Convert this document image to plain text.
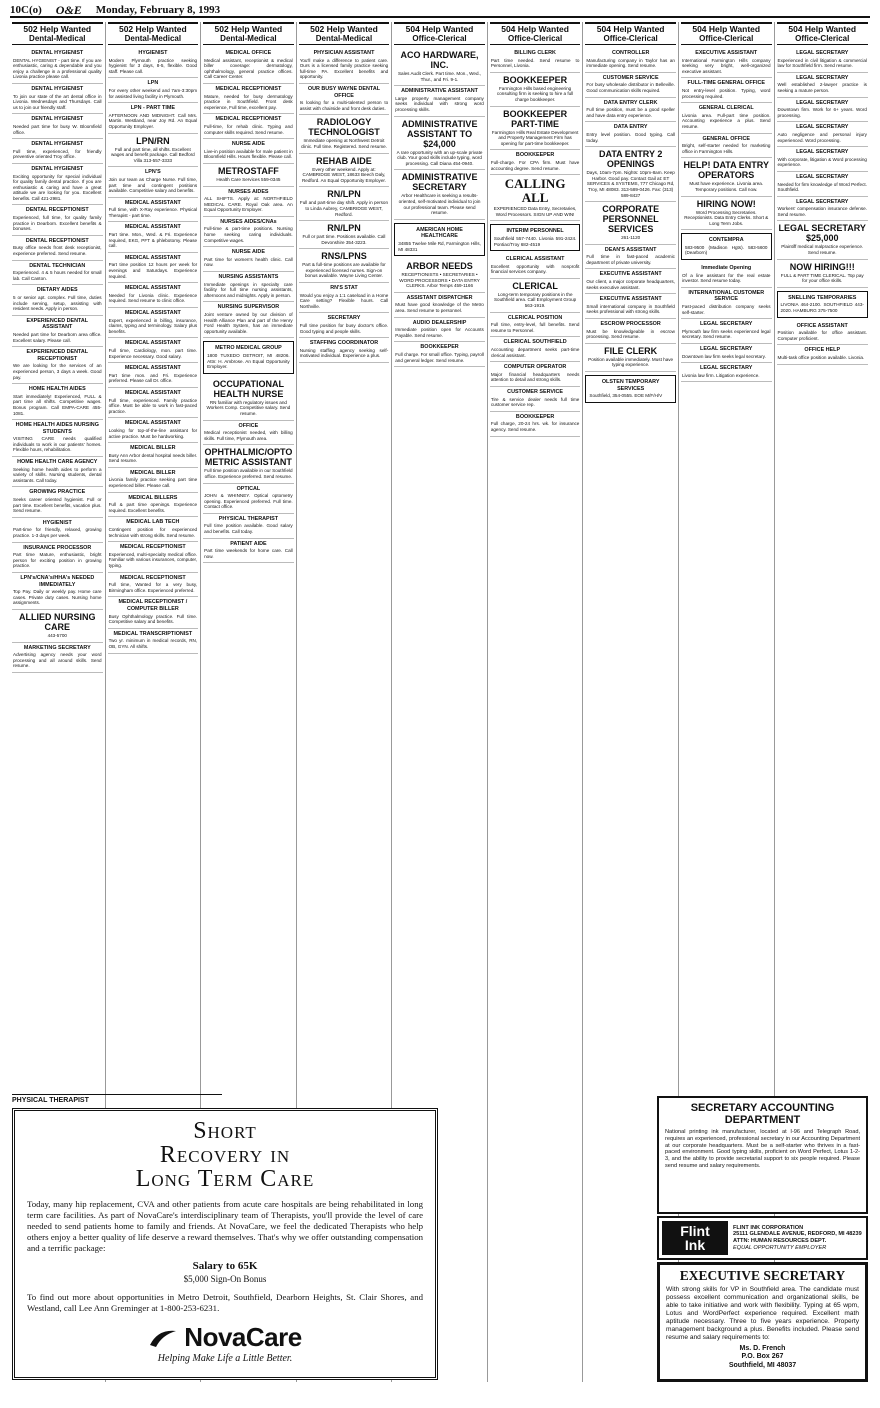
10C(o) O&E Monday, February 8, 1993
502 Help Wanted
Dental-Medical
DENTAL HYGIENIST
DENTAL HYGIENIST - part time. If you are enthusiastic, caring & dependable and you enjoy a challenge in a professional quality Livonia practice please call.
DENTAL HYGIENIST
To join our state of the art dental office in Livonia. Wednesdays and Thursdays. Call us to join our friendly staff.
DENTAL HYGIENIST
Needed part time for busy W. Bloomfield office.
DENTAL HYGIENIST
Full time, experienced, for friendly preventive oriented Troy office.
DENTAL HYGIENIST
Exciting opportunity for special individual for quality family dental practice. If you are enthusiastic & caring and have a great attitude we are looking for you. Excellent benefits. Call 421-2981.
DENTAL RECEPTIONIST
Experienced, full time, for quality family practice in Dearborn. Excellent benefits & bonuses.
DENTAL RECEPTIONIST
Busy office needs front desk receptionist, experience preferred. Send resume.
DENTAL TECHNICIAN
Experienced. 4 & 5 hours needed for small lab. Call Canton.
DIETARY AIDES
5 or senior apt. complex. Full time, duties include serving, setup, assisting with resident needs. Apply in person.
EXPERIENCED DENTAL ASSISTANT
Needed part time for Dearborn area office. Excellent salary. Please call.
EXPERIENCED DENTAL RECEPTIONIST
We are looking for the services of an experienced person, 3 days a week. Good pay.
HOME HEALTH AIDES
Start immediately! Experienced, FULL & part time all shifts. Competitive wages. Bonus program. Call EMPA-CARE 455-1081.
HOME HEALTH AIDES NURSING STUDENTS
VISITING CARE needs qualified individuals to work in our patients' homes. Flexible hours, rehabilitation.
HOME HEALTH CARE AGENCY
Seeking home health aides to perform a variety of skills. Nursing students, dental assistants. Call today.
GROWING PRACTICE
Seeks career oriented hygienist. Full or part time. Excellent benefits, vacation plus. Send resume.
HYGIENIST
Part-time for friendly, relaxed, growing practice. 1-3 days per week.
INSURANCE PROCESSOR
Part time Mature, enthusiastic, bright person for exciting position in growing practice.
LPN's/CNA's/HHA's NEEDED IMMEDIATELY
Top Pay. Daily or weekly pay. Home care cases. Private duty cases. Nursing home assignments.
ALLIED NURSING CARE
443-5700
MARKETING SECRETARY
Advertising agency needs your word processing and all around skills. Send resume.
502 Help Wanted
Dental-Medical
HYGIENIST
Modern Plymouth practice seeking hygienist for 3 days, 8-5, flexible. Good staff. Please call.
LPN
For every other weekend and 7am-3:30pm for assisted living facility in Plymouth.
LPN - PART TIME
AFTERNOON AND MIDNIGHT. Call Mrs. Martin. Westland, near Joy Rd. An Equal Opportunity Employer.
LPN/RN
Full and part time, all shifts. Excellent wages and benefit package. Call Bedford Villa 313-557-3333
LPN'S
Join our team as Charge Nurse. Full time, part time and contingent positions available. Competitive salary and benefits.
MEDICAL ASSISTANT
Full time, with X-Ray experience. Physical Therapist - part time.
MEDICAL ASSISTANT
Part time. Mon., Wed. & Fri. Experience required, EKG, PFT & phlebotomy. Please call.
MEDICAL ASSISTANT
Part time position 12 hours per week for evenings and Saturdays. Experience required.
MEDICAL ASSISTANT
Needed for Livonia clinic. Experience required. Send resume to clinic office.
MEDICAL ASSISTANT
Expert, experienced in billing, insurance, claims, typing and terminology. Salary plus benefits.
MEDICAL ASSISTANT
Full time, Cardiology, mon. part time. Experience necessary. Good salary.
MEDICAL ASSISTANT
Part time mon. and Fri. Experience preferred. Please call Dr. office.
MEDICAL ASSISTANT
Full time, experienced. Family practice office. Must be able to work in fast-paced practice.
MEDICAL ASSISTANT
Looking for top-of-the-line assistant for active practice. Must be hardworking.
MEDICAL BILLER
Busy Ann Arbor dental hospital needs biller. Send resume.
MEDICAL BILLER
Livonia family practice seeking part time experienced biller. Please call.
MEDICAL BILLERS
Full & part time openings. Experience required. Excellent benefits.
MEDICAL LAB TECH
Contingent position for experienced technician with strong skills. Send resume.
MEDICAL RECEPTIONIST
Experienced, multi-specialty medical office. Familiar with various insurances, computer, typing.
MEDICAL RECEPTIONIST
Full time, Wanted for a very busy, Birmingham office. Experienced preferred.
MEDICAL RECEPTIONIST / COMPUTER BILLER
Busy Ophthalmology practice. Full time. Competitive salary and benefits.
MEDICAL TRANSCRIPTIONIST
Two yr. minimum in medical records, RN, OB, GYN. All shifts.
502 Help Wanted
Dental-Medical
MEDICAL OFFICE
Medical assistant, receptionist & medical biller coverage: dermatology, ophthalmology, general practice offices. Call Career Center.
MEDICAL RECEPTIONIST
Mature, needed for busy dermatology practice in Southfield. Front desk experience, Full time, excellent pay.
MEDICAL RECEPTIONIST
Full-time, for rehab clinic. Typing and computer skills required. Send resume.
NURSE AIDE
Live-in position available for male patient in Bloomfield Hills. Hours flexible. Please call.
METROSTAFF
Health Care Services 559-0345
NURSES AIDES
ALL SHIFTS. Apply at: NORTHFIELD MEDICAL CARE. Royal Oak area. An Equal Opportunity Employer.
NURSES AIDES/CNAs
Full-time & part-time positions. Nursing home seeking caring individuals. Competitive wages.
NURSE AIDE
Part time for women's health clinic. Call now.
NURSING ASSISTANTS
Immediate openings in specialty care facility for full time nursing assistants, afternoons and midnights. Apply in person.
NURSING SUPERVISOR
Joint venture owned by our division of Health Alliance Plan and part of the Henry Ford Health System, has an immediate opportunity available.
METRO MEDICAL GROUP
1800 TUXEDO DETROIT, MI 48206. Attn: H. Ambrose. An Equal Opportunity Employer.
OCCUPATIONAL HEALTH NURSE
RN familiar with regulatory issues and Workers Comp. Competitive salary. Send resume.
OFFICE
Medical receptionist needed, with billing skills. Full time, Plymouth area.
OPHTHALMIC/OPTOMETRIC ASSISTANT
Full time position available in our Southfield office. Experience preferred. Send resume.
OPTICAL
JOHN & WHINNEY. Optical optometry opening. Experienced preferred. Full time. Contact office.
PHYSICAL THERAPIST
Full time position available. Good salary and benefits. Call today.
PATIENT AIDE
Part time weekends for home care. Call now.
502 Help Wanted
Dental-Medical
PHYSICIAN ASSISTANT
You'll make a difference to patient care. Ours is a licensed family practice seeking full-time PA. Excellent benefits and opportunity.
OUR BUSY WAYNE DENTAL OFFICE
Is looking for a multi-talented person to assist with chairside and front desk duties.
RADIOLOGY TECHNOLOGIST
Immediate opening at Northwest Detroit clinic. Full time. Registered. Send resume.
REHAB AIDE
Every other weekend. Apply at: CAMBRIDGE WEST, 18633 Beech Daly, Redford. An Equal Opportunity Employer.
RN/LPN
Full and part-time day shift. Apply in person to Linda Aubrey, CAMBRIDGE WEST, Redford.
RN/LPN
Full or part time. Positions available. Call Devonshire 354-3223.
RNS/LPNS
Part & full-time positions are available for experienced licensed nurses. Sign-on bonus available. Wayne Living Center.
RN'S STAT
Would you enjoy a 1:1 caseload in a Home Care setting? Flexible hours. Call Northville.
SECRETARY
Full time position for busy doctor's office. Good typing and people skills.
STAFFING COORDINATOR
Nursing staffing agency seeking self-motivated individual. Experience a plus.
504 Help Wanted
Office-Clerical
ACO HARDWARE, INC.
Sales Audit Clerk. Part time. Mon., Wed., Thur., and Fri. 9-1.
ADMINISTRATIVE ASSISTANT
Large property management company seeks individual with strong word processing skills.
ADMINISTRATIVE ASSISTANT TO $24,000
A rare opportunity with an up-scale private club. Your good skills include typing, word processing. Call Diana 454-0940.
ADMINISTRATIVE SECRETARY
Arbor Healthcare is seeking a results-oriented, self-motivated individual to join our professional team. Please send resume.
AMERICAN HOME HEALTHCARE
34855 Twelve Mile Rd, Farmington Hills, MI 48331
ARBOR NEEDS
RECEPTIONISTS • SECRETARIES • WORD PROCESSORS • DATA ENTRY CLERKS. Arbor Temps 459-1166
ASSISTANT DISPATCHER
Must have good knowledge of the Metro area. Send resume to personnel.
AUDIO DEALERSHIP
Immediate position open for Accounts Payable. Send resume.
BOOKKEEPER
Full charge. For small office. Typing, payroll and general ledger. Send resume.
504 Help Wanted
Office-Clerical
BILLING CLERK
Part time needed. Send resume to Personnel, Livonia.
BOOKKEEPER
Farmington Hills based engineering consulting firm is seeking to hire a full charge bookkeeper.
BOOKKEEPER PART-TIME
Farmington Hills Real Estate Development and Property Management Firm has opening for part-time bookkeeper.
BOOKKEEPER
Full-charge. For CPA firm. Must have accounting degree. Send resume.
CALLING ALL
EXPERIENCED Data Entry, Secretaries, Word Processors. SIGN UP AND WIN!
INTERIM PERSONNEL
Southfield 557-7440. Livonia 591-2424. Pontiac/Troy 682-4519
CLERICAL ASSISTANT
Excellent opportunity with nonprofit financial services company.
CLERICAL
Long-term temporary positions in the Southfield area. Call Employment Group 563-1919.
CLERICAL POSITION
Full time, entry-level, full benefits. Send resume to Personnel.
CLERICAL SOUTHFIELD
Accounting department seeks part-time clerical assistant.
COMPUTER OPERATOR
Major financial headquarters needs attention to detail and strong skills.
CUSTOMER SERVICE
Tire & service dealer needs full time customer service rep.
BOOKKEEPER
Full charge, 20-24 hrs. wk. for insurance agency. Send resume.
504 Help Wanted
Office-Clerical
CONTROLLER
Manufacturing company in Taylor has an immediate opening. Send resume.
CUSTOMER SERVICE
For busy wholesale distributor in Belleville. Good communication skills required.
DATA ENTRY CLERK
Full time position, must be a good speller and have data entry experience.
DATA ENTRY
Entry level position. Good typing. Call today.
DATA ENTRY 2 OPENINGS
Days, 10am-7pm. Nights: 10pm-8am. Keep Harbor. Good pay. Contact Gail at: ET SERVICES & SYSTEMS, 777 Chicago Rd, Troy, MI 48083. 313-589-0426. Fax: (313) 589-8427
CORPORATE PERSONNEL SERVICES
261-1120
DEAN'S ASSISTANT
Full time in fast-paced academic department of private university.
EXECUTIVE ASSISTANT
Our client, a major corporate headquarters, seeks executive assistant.
EXECUTIVE ASSISTANT
Small international company in Southfield seeks professional with strong skills.
ESCROW PROCESSOR
Must be knowledgeable in escrow processing. Send resume.
FILE CLERK
Position available immediately. Must have typing experience.
OLSTEN TEMPORARY SERVICES
Southfield, 354-0555. EOE M/F/H/V
504 Help Wanted
Office-Clerical
EXECUTIVE ASSISTANT
International Farmington Hills company seeking very bright, well-organized executive assistant.
FULL-TIME GENERAL OFFICE
Not entry-level position. Typing, word processing required.
GENERAL CLERICAL
Livonia area. Full-part time position. Accounting experience a plus. Send resume.
GENERAL OFFICE
Bright, self-starter needed for marketing office in Farmington Hills.
HELP! DATA ENTRY OPERATORS
Must have experience. Livonia area. Temporary positions. Call now.
HIRING NOW!
Word Processing Secretaries. Receptionists. Data Entry Clerks. Short & Long Term Jobs.
CONTEMPRA
583-9500 (Madison Hgts). 583-5600 (Dearborn)
Immediate Opening
Of a line assistant for the real estate investor. Send resume today.
INTERNATIONAL CUSTOMER SERVICE
Fast-paced distribution company seeks self-starter.
LEGAL SECRETARY
Plymouth law firm seeks experienced legal secretary. Send resume.
LEGAL SECRETARY
Downtown law firm seeks legal secretary.
LEGAL SECRETARY
Livonia law firm. Litigation experience.
504 Help Wanted
Office-Clerical
LEGAL SECRETARY
Experienced in civil litigation & commercial law for Southfield firm. Send resume.
LEGAL SECRETARY
Well established 2-lawyer practice is seeking a mature person.
LEGAL SECRETARY
Downtown firm. Work for 6+ years. Word processing.
LEGAL SECRETARY
Auto negligence and personal injury experienced. Word processing.
LEGAL SECRETARY
With corporate, litigation & Word processing experience.
LEGAL SECRETARY
Needed for firm knowledge of Word Perfect. Southfield.
LEGAL SECRETARY
Workers' compensation insurance defense. Send resume.
LEGAL SECRETARY $25,000
Plaintiff medical malpractice experience. Send resume.
NOW HIRING!!!
FULL & PART TIME CLERICAL. Top pay for your office skills.
SNELLING TEMPORARIES
LIVONIA 464-2100. SOUTHFIELD 443-2020. HAMBURG 375-7500
OFFICE ASSISTANT
Position available for office assistant. Computer proficient.
OFFICE HELP
Multi-task office position available. Livonia.
PHYSICAL THERAPIST
Short
Recovery in
Long Term Care
Today, many hip replacement, CVA and other patients from acute care hospitals are being rehabilitated in long term care facilities. As part of NovaCare's interdisciplinary team of Therapists, you'll provide the level of care needed to send patients home to family and friends. At NovaCare, we feel the dedicated Therapists who help others enjoy a better quality of life deserve a reward themselves. That's why we offer outstanding compensation and a terrific package:
Salary to 65K
$5,000 Sign-On Bonus
To find out more about opportunities in Metro Detroit, Southfield, Dearborn Heights, St. Clair Shores, and Westland, call Lee Ann Greminger at 1-800-253-6231.
NovaCare
Helping Make Life a Little Better.
SECRETARY ACCOUNTING DEPARTMENT
National printing ink manufacturer, located at I-96 and Telegraph Road, requires an experienced, professional secretary in our Accounting Department at our corporate headquarters. Must be a self-starter who thrives in a fast-paced environment. Good typing skills, proficient on Word Perfect, Lotus 1-2-3, and the ability to provide secretarial support to six people required. Please send resume and salary requirements.
Flint
Ink
FLINT INK CORPORATION
25111 GLENDALE AVENUE, REDFORD, MI 48239
ATTN: HUMAN RESOURCES DEPT.
EQUAL OPPORTUNITY EMPLOYER
EXECUTIVE SECRETARY
With strong skills for VP in Southfield area. The candidate must possess excellent communication and organizational skills, be able to take initiative and work with flexibility. Typing at 65 wpm, Lotus and WordPerfect experience required. Excellent math aptitude necessary. Three to five years experience. Property management background a plus. Benefits included. Please send resume and salary requirements to:
Ms. D. French
P.O. Box 267
Southfield, MI 48037
